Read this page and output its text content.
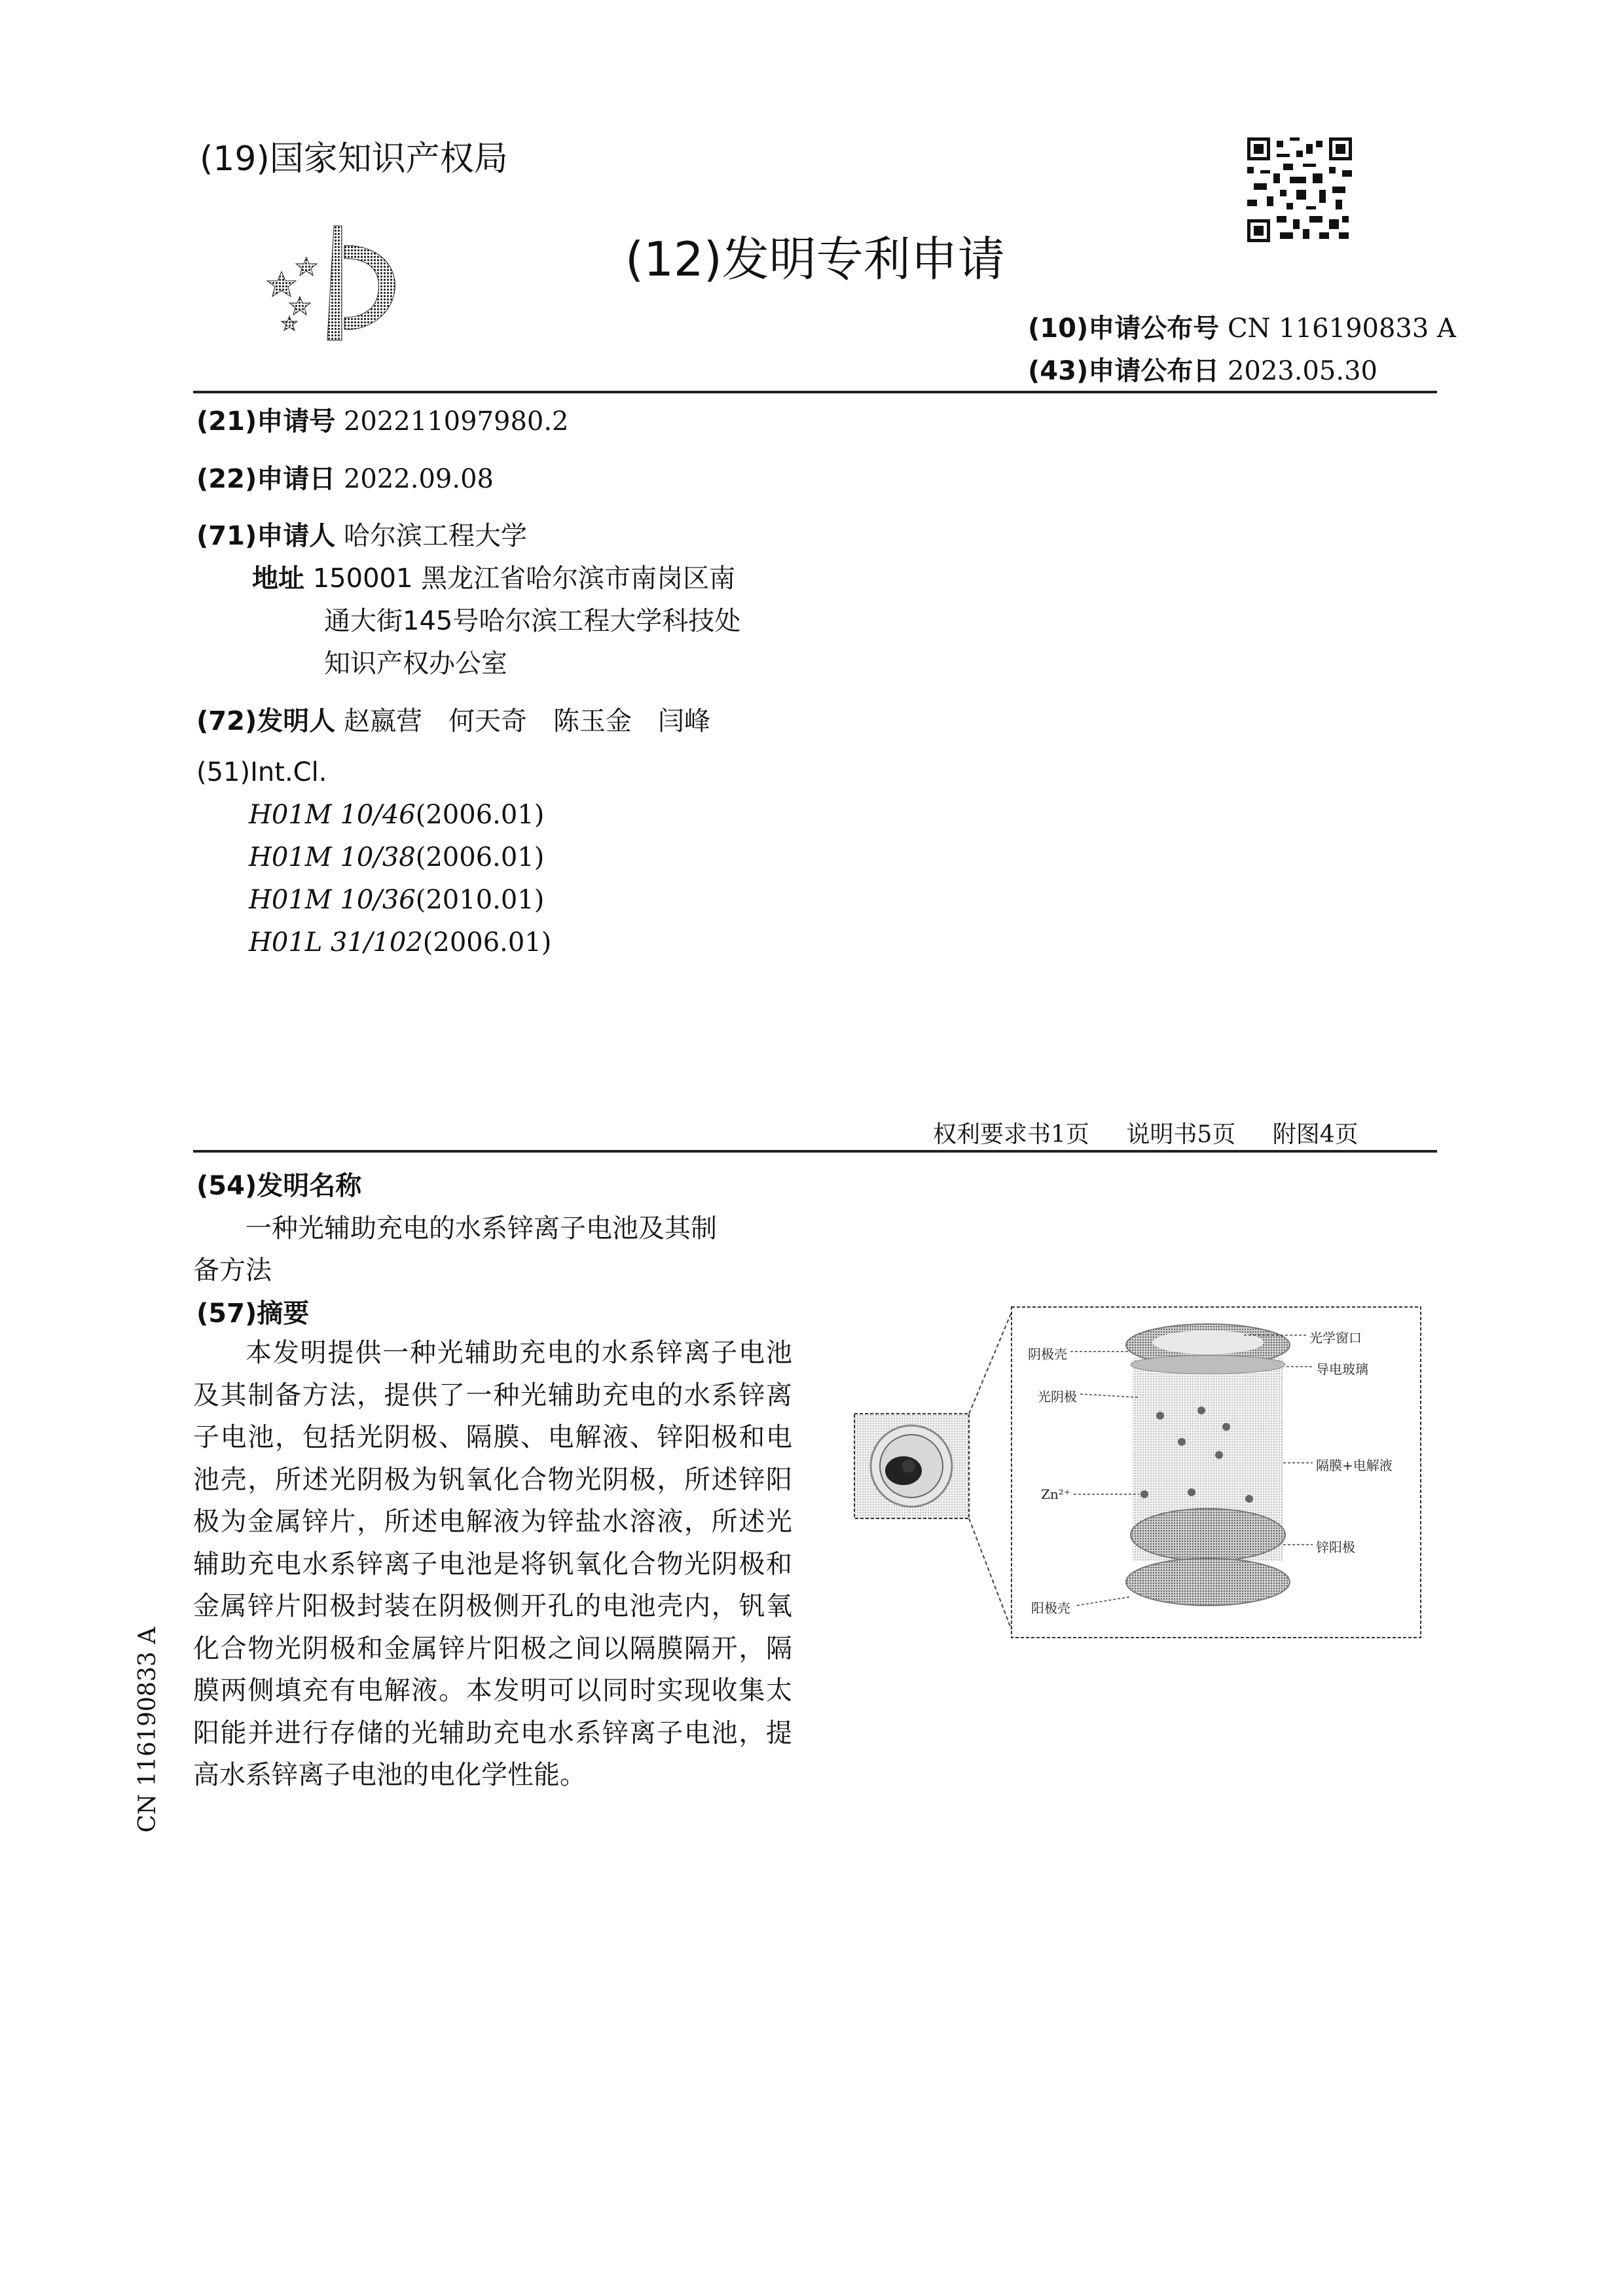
(19)国家知识产权局
(12)发明专利申请
(10)申请公布号 CN 116190833 A
(43)申请公布日 2023.05.30
(21)申请号 202211097980.2
(22)申请日 2022.09.08
(71)申请人 哈尔滨工程大学
地址 150001 黑龙江省哈尔滨市南岗区南
通大街145号哈尔滨工程大学科技处
知识产权办公室
(72)发明人 赵嬴营　何天奇　陈玉金　闫峰
(51)Int.Cl.
H01M 10/46(2006.01)
H01M 10/38(2006.01)
H01M 10/36(2010.01)
H01L 31/102(2006.01)
权利要求书1页 说明书5页 附图4页
(54)发明名称
一种光辅助充电的水系锌离子电池及其制
备方法
(57)摘要
本发明提供一种光辅助充电的水系锌离子电池及其制备方法，提供了一种光辅助充电的水系锌离子电池，包括光阴极、隔膜、电解液、锌阳极和电池壳，所述光阴极为钒氧化合物光阴极，所述锌阳极为金属锌片，所述电解液为锌盐水溶液，所述光辅助充电水系锌离子电池是将钒氧化合物光阴极和金属锌片阳极封装在阴极侧开孔的电池壳内，钒氧化合物光阴极和金属锌片阳极之间以隔膜隔开，隔膜两侧填充有电解液。本发明可以同时实现收集太阳能并进行存储的光辅助充电水系锌离子电池，提高水系锌离子电池的电化学性能。
阴极壳
光阴极
Zn²⁺
阳极壳
光学窗口
导电玻璃
隔膜+电解液
锌阳极
CN 116190833 A
